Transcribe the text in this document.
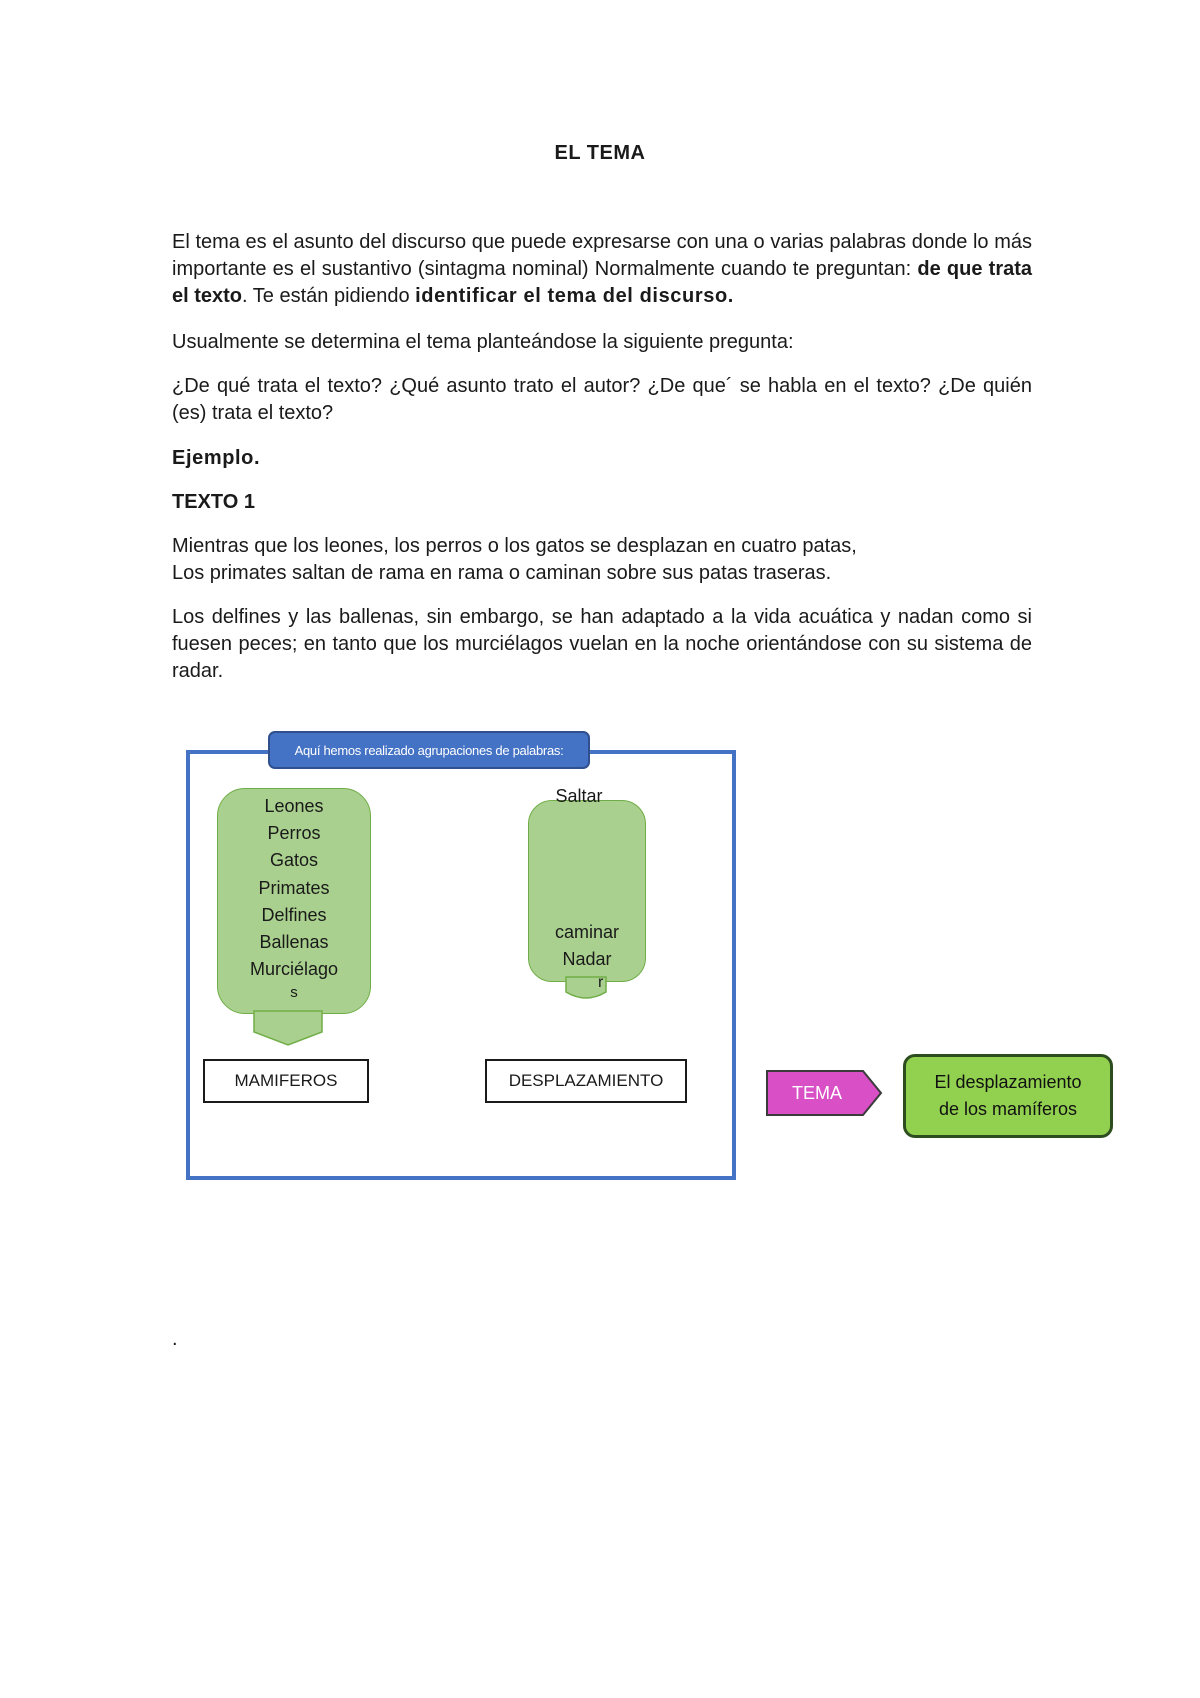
EL TEMA

El tema es el asunto del discurso que puede expresarse con una o varias palabras donde lo más importante es el sustantivo (sintagma nominal) Normalmente cuando te preguntan: de que trata el texto. Te están pidiendo identificar el tema del discurso.

Usualmente se determina el tema planteándose la siguiente pregunta:

¿De qué trata el texto? ¿Qué asunto trato el autor? ¿De que´ se habla en el texto? ¿De quién (es) trata el texto?

Ejemplo.

TEXTO 1

Mientras que los leones, los perros o los gatos se desplazan en cuatro patas,
Los primates saltan de rama en rama o caminan sobre sus patas traseras.

Los delfines y las ballenas, sin embargo, se han adaptado a la vida acuática y nadan como si fuesen peces; en tanto que los murciélagos vuelan en la noche orientándose con su sistema de radar.

Aquí hemos realizado agrupaciones de palabras:
Leones
Perros
Gatos
Primates
Delfines
Ballenas
Murciélago
s
Saltar
caminar
Nadar
r
MAMIFEROS	DESPLAZAMIENTO
TEMA
El desplazamiento
de los mamíferos
.
